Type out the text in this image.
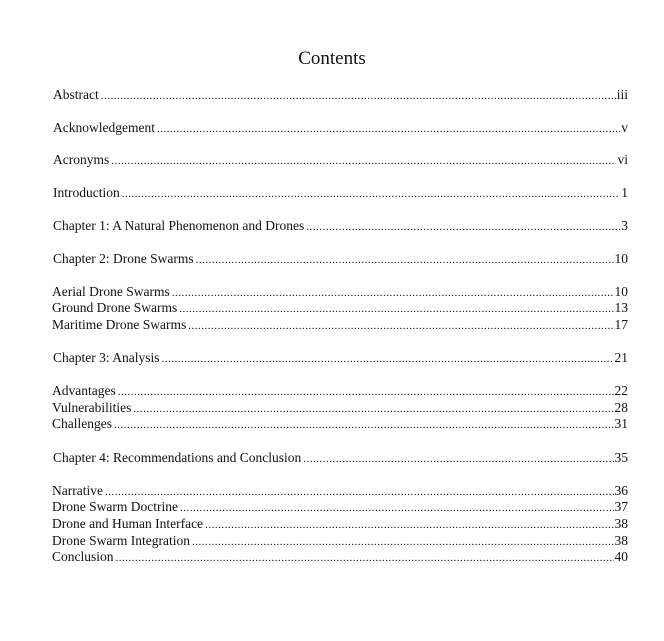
Contents
Abstract .....	iii
Acknowledgement .....	v
Acronyms .....	vi
Introduction .....	1
Chapter 1: A Natural Phenomenon and Drones .....	3
Chapter 2: Drone Swarms .....	10
Aerial Drone Swarms .....	10
Ground Drone Swarms .....	13
Maritime Drone Swarms .....	17
Chapter 3: Analysis .....	21
Advantages .....	22
Vulnerabilities .....	28
Challenges .....	31
Chapter 4: Recommendations and Conclusion .....	35
Narrative .....	36
Drone Swarm Doctrine .....	37
Drone and Human Interface .....	38
Drone Swarm Integration .....	38
Conclusion .....	40
